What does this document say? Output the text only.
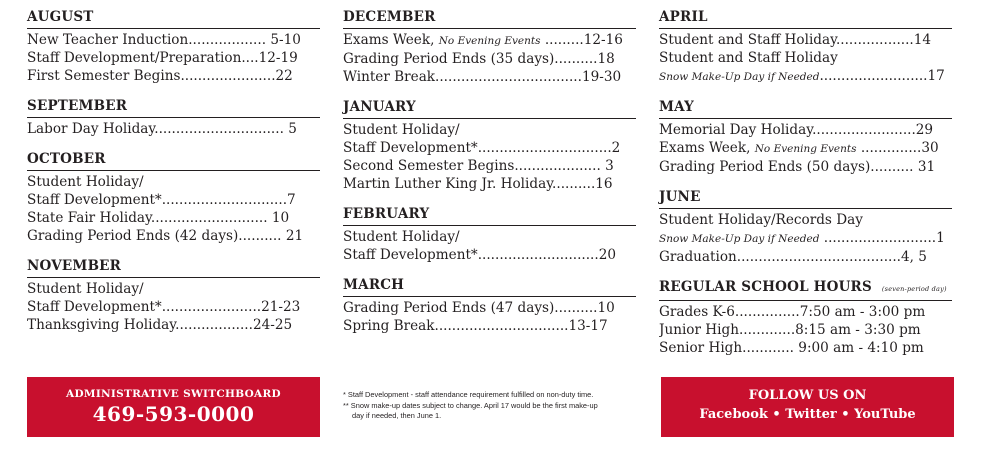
AUGUST
New Teacher Induction.................. 5-10
Staff Development/Preparation....12-19
First Semester Begins......................22
SEPTEMBER
Labor Day Holiday.............................. 5
OCTOBER
Student Holiday/
Staff Development*.............................7
State Fair Holiday........................... 10
Grading Period Ends (42 days).......... 21
NOVEMBER
Student Holiday/
Staff Development*.......................21-23
Thanksgiving Holiday..................24-25
DECEMBER
Exams Week, No Evening Events .........12-16
Grading Period Ends (35 days)..........18
Winter Break..................................19-30
JANUARY
Student Holiday/
Staff Development*...............................2
Second Semester Begins.................... 3
Martin Luther King Jr. Holiday..........16
FEBRUARY
Student Holiday/
Staff Development*............................20
MARCH
Grading Period Ends (47 days)..........10
Spring Break...............................13-17
APRIL
Student and Staff Holiday..................14
Student and Staff Holiday
Snow Make-Up Day if Needed.........................17
MAY
Memorial Day Holiday........................29
Exams Week, No Evening Events ..............30
Grading Period Ends (50 days).......... 31
JUNE
Student Holiday/Records Day
Snow Make-Up Day if Needed ..........................1
Graduation......................................4, 5
REGULAR SCHOOL HOURS (seven-period day)
Grades K-6...............7:50 am - 3:00 pm
Junior High.............8:15 am - 3:30 pm
Senior High............ 9:00 am - 4:10 pm
ADMINISTRATIVE SWITCHBOARD
469-593-0000
* Staff Development - staff attendance requirement fulfilled on non-duty time.
** Snow make-up dates subject to change. April 17 would be the first make-up
day if needed, then June 1.
FOLLOW US ON
Facebook • Twitter • YouTube
